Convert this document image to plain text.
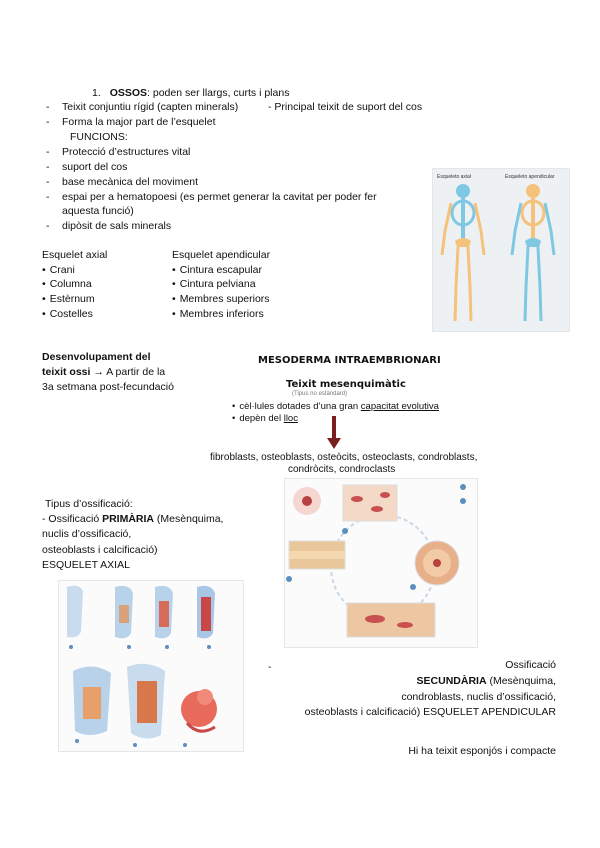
1. OSSOS: poden ser llargs, curts i plans
- Teixit conjuntiu rígid (capten minerals)	- Principal teixit de suport del cos
- Forma la major part de l’esquelet
FUNCIONS:
- Protecció d’estructures vital
- suport del cos
- base mecànica del moviment
- espai per a hematopoesi (es permet generar la cavitat per poder fer
aquesta funció)
- dipòsit de sals minerals
Esquelet axial
• Crani
• Columna
• Estèrnum
• Costelles
Esquelet apendicular
• Cintura escapular
• Cintura pelviana
• Membres superiors
• Membres inferiors
Esqueleto axial	Esqueleto apendicular
Desenvolupament del
teixit ossi → A partir de la
3a setmana post-fecundació
MESODERMA INTRAEMBRIONARI
Teixit mesenquimàtic
(Tipus no estàndard)
• cèl·lules dotades d’una gran capacitat evolutiva
• depèn del lloc
fibroblasts, osteoblasts, osteòcits, osteoclasts, condroblasts,
condròcits, condroclasts
Tipus d’ossificació:
- Ossificació PRIMÀRIA (Mesènquima,
nuclis d’ossificació,
osteoblasts i calcificació)
ESQUELET AXIAL
-	Ossificació
SECUNDÀRIA (Mesènquima,
condroblasts, nuclis d’ossificació,
osteoblasts i calcificació) ESQUELET APENDICULAR
Hi ha teixit esponjós i compacte
